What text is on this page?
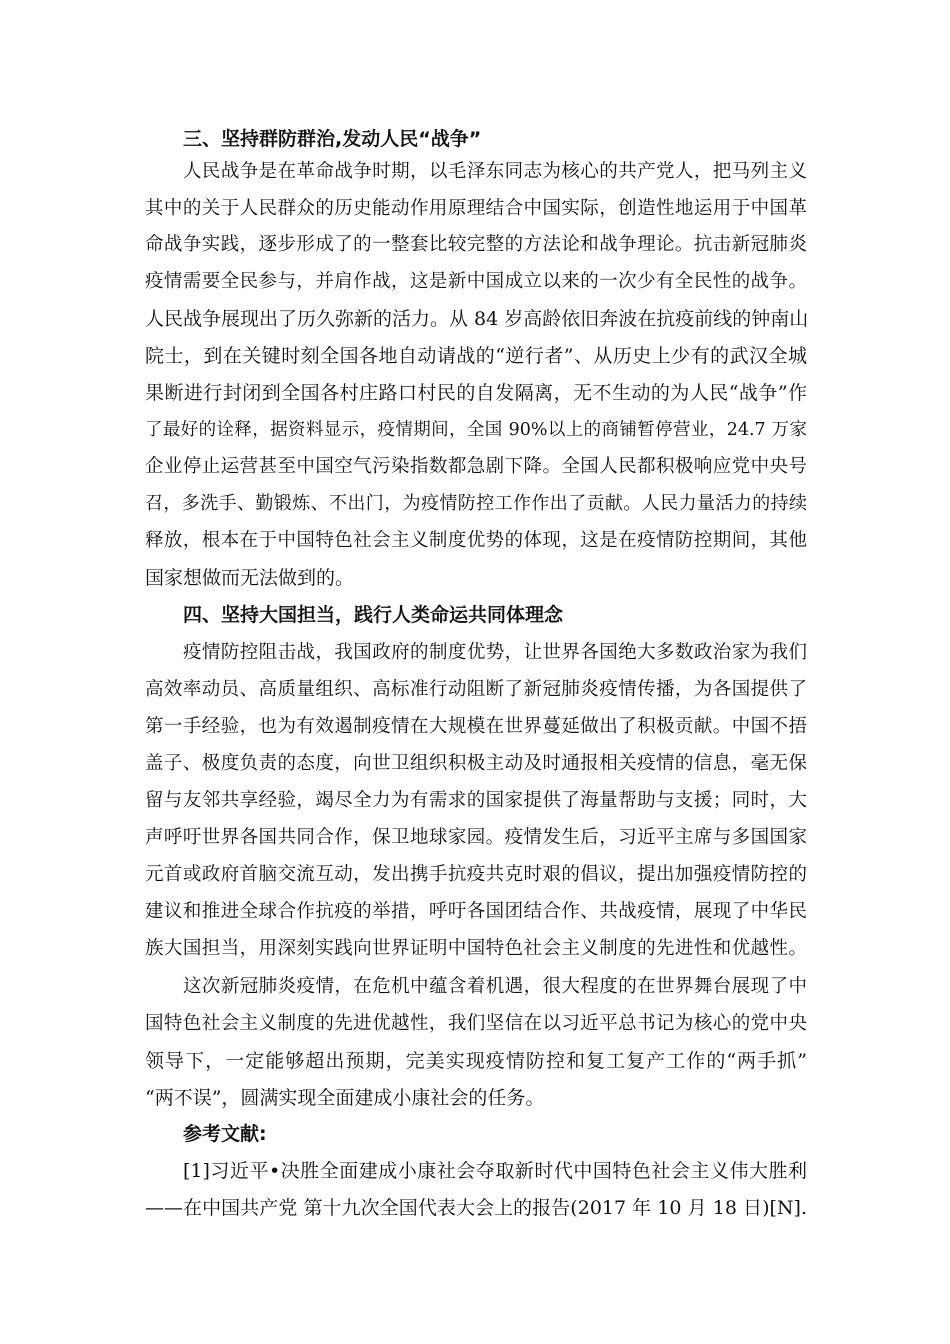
三、坚持群防群治,发动人民“战争”
人民战争是在革命战争时期，以毛泽东同志为核心的共产党人，把马列主义
其中的关于人民群众的历史能动作用原理结合中国实际，创造性地运用于中国革
命战争实践，逐步形成了的一整套比较完整的方法论和战争理论。抗击新冠肺炎
疫情需要全民参与，并肩作战，这是新中国成立以来的一次少有全民性的战争。
人民战争展现出了历久弥新的活力。从 84 岁高龄依旧奔波在抗疫前线的钟南山
院士，到在关键时刻全国各地自动请战的“逆行者”、从历史上少有的武汉全城
果断进行封闭到全国各村庄路口村民的自发隔离，无不生动的为人民“战争”作
了最好的诠释，据资料显示，疫情期间，全国 90%以上的商铺暂停营业，24.7 万家
企业停止运营甚至中国空气污染指数都急剧下降。全国人民都积极响应党中央号
召，多洗手、勤锻炼、不出门，为疫情防控工作作出了贡献。人民力量活力的持续
释放，根本在于中国特色社会主义制度优势的体现，这是在疫情防控期间，其他
国家想做而无法做到的。
四、坚持大国担当，践行人类命运共同体理念
疫情防控阻击战，我国政府的制度优势，让世界各国绝大多数政治家为我们
高效率动员、高质量组织、高标准行动阻断了新冠肺炎疫情传播，为各国提供了
第一手经验，也为有效遏制疫情在大规模在世界蔓延做出了积极贡献。中国不捂
盖子、极度负责的态度，向世卫组织积极主动及时通报相关疫情的信息，毫无保
留与友邻共享经验，竭尽全力为有需求的国家提供了海量帮助与支援；同时，大
声呼吁世界各国共同合作，保卫地球家园。疫情发生后，习近平主席与多国国家
元首或政府首脑交流互动，发出携手抗疫共克时艰的倡议，提出加强疫情防控的
建议和推进全球合作抗疫的举措，呼吁各国团结合作、共战疫情，展现了中华民
族大国担当，用深刻实践向世界证明中国特色社会主义制度的先进性和优越性。
这次新冠肺炎疫情，在危机中蕴含着机遇，很大程度的在世界舞台展现了中
国特色社会主义制度的先进优越性，我们坚信在以习近平总书记为核心的党中央
领导下，一定能够超出预期，完美实现疫情防控和复工复产工作的“两手抓”
“两不误”，圆满实现全面建成小康社会的任务。
参考文献:
[1]习近平•决胜全面建成小康社会夺取新时代中国特色社会主义伟大胜利
——在中国共产党 第十九次全国代表大会上的报告(2017 年 10 月 18 日)[N].
